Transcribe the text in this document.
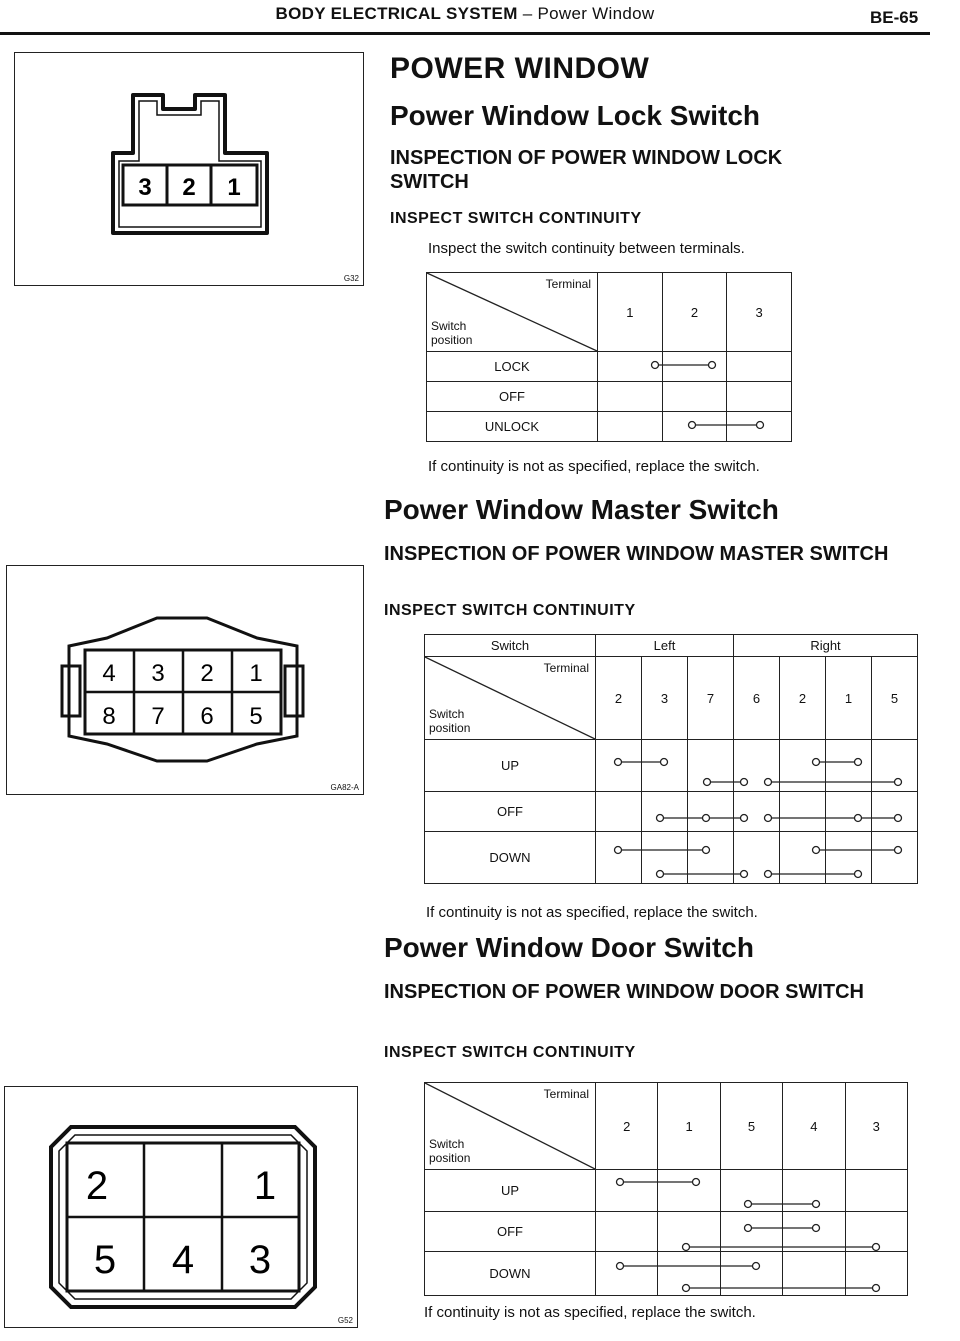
BODY ELECTRICAL SYSTEM – Power Window	BE-65
3 2 1
G32
4 3 2 1
8 7 6 5
GA82-A
2	1
5 4 3
G52
POWER WINDOW
Power Window Lock Switch
INSPECTION OF POWER WINDOW LOCK SWITCH
INSPECT SWITCH CONTINUITY
Inspect the switch continuity between terminals.
Terminal
Switch position	1	2	3
LOCK			
OFF			
UNLOCK			
If continuity is not as specified, replace the switch.
Power Window Master Switch
INSPECTION OF POWER WINDOW MASTER SWITCH
INSPECT SWITCH CONTINUITY
Switch	Left			Right			

Terminal
Switch position	2	3	7	6	2	1	5
UP							
OFF							
DOWN							
If continuity is not as specified, replace the switch.
Power Window Door Switch
INSPECTION OF POWER WINDOW DOOR SWITCH
INSPECT SWITCH CONTINUITY
Terminal
Switch position	2	1	5	4	3
UP					
OFF					
DOWN					
If continuity is not as specified, replace the switch.
